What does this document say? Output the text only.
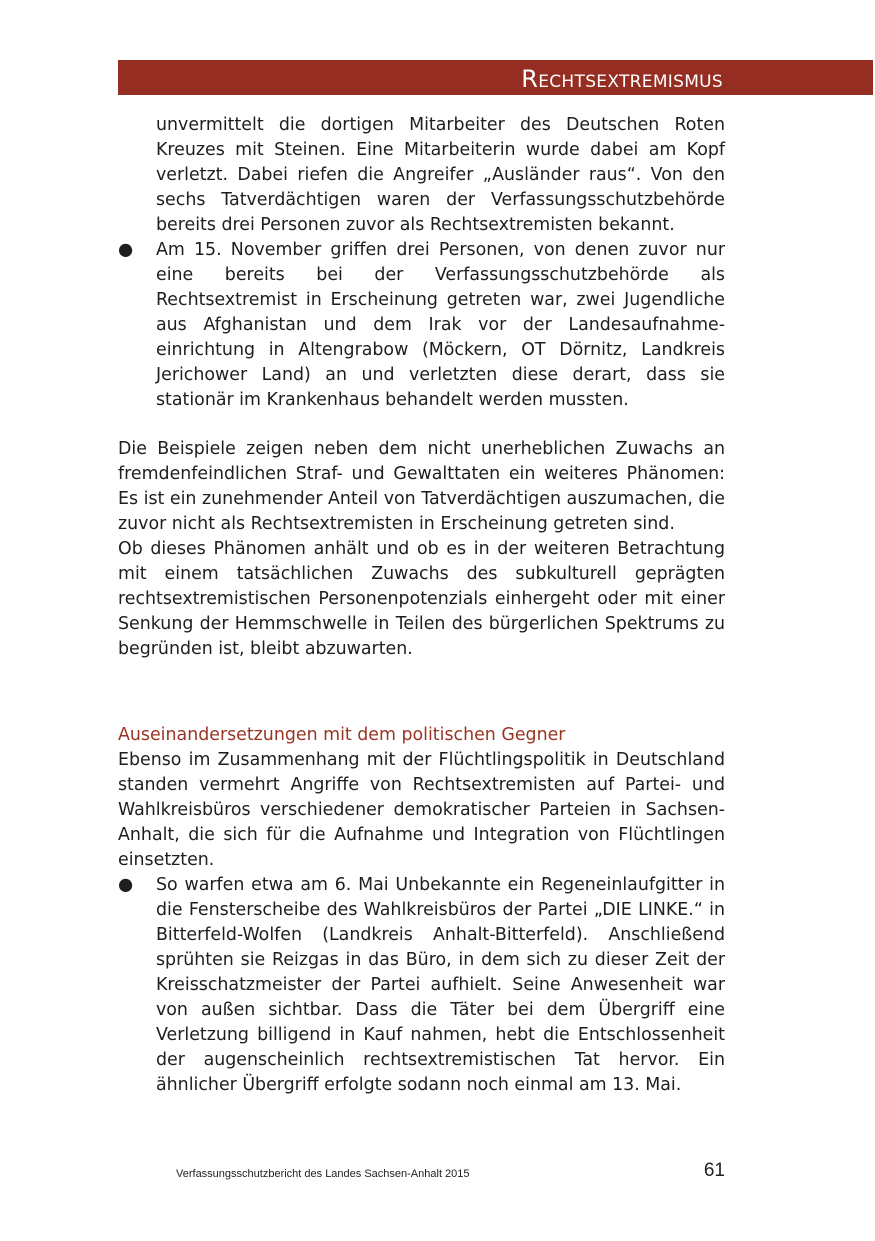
Rechtsextremismus

unvermittelt die dortigen Mitarbeiter des Deutschen Roten Kreuzes mit Steinen. Eine Mitarbeiterin wurde dabei am Kopf verletzt. Dabei riefen die Angreifer „Ausländer raus“. Von den sechs Tatverdächtigen waren der Verfassungsschutzbehörde bereits drei Personen zuvor als Rechtsextremisten bekannt.

● Am 15. November griffen drei Personen, von denen zuvor nur eine bereits bei der Verfassungsschutzbehörde als Rechtsextremist in Erscheinung getreten war, zwei Jugendliche aus Afghanistan und dem Irak vor der Landesaufnahmeeinrichtung in Altengrabow (Möckern, OT Dörnitz, Landkreis Jerichower Land) an und verletzten diese derart, dass sie stationär im Krankenhaus behandelt werden mussten.

Die Beispiele zeigen neben dem nicht unerheblichen Zuwachs an fremdenfeindlichen Straf- und Gewalttaten ein weiteres Phänomen: Es ist ein zunehmender Anteil von Tatverdächtigen auszumachen, die zuvor nicht als Rechtsextremisten in Erscheinung getreten sind.

Ob dieses Phänomen anhält und ob es in der weiteren Betrachtung mit einem tatsächlichen Zuwachs des subkulturell geprägten rechtsextremistischen Personenpotenzials einhergeht oder mit einer Senkung der Hemmschwelle in Teilen des bürgerlichen Spektrums zu begründen ist, bleibt abzuwarten.

Auseinandersetzungen mit dem politischen Gegner

Ebenso im Zusammenhang mit der Flüchtlingspolitik in Deutschland standen vermehrt Angriffe von Rechtsextremisten auf Partei- und Wahlkreisbüros verschiedener demokratischer Parteien in Sachsen-Anhalt, die sich für die Aufnahme und Integration von Flüchtlingen einsetzten.

● So warfen etwa am 6. Mai Unbekannte ein Regeneinlaufgitter in die Fensterscheibe des Wahlkreisbüros der Partei „DIE LINKE.“ in Bitterfeld-Wolfen (Landkreis Anhalt-Bitterfeld). Anschließend sprühten sie Reizgas in das Büro, in dem sich zu dieser Zeit der Kreisschatzmeister der Partei aufhielt. Seine Anwesenheit war von außen sichtbar. Dass die Täter bei dem Übergriff eine Verletzung billigend in Kauf nahmen, hebt die Entschlossenheit der augenscheinlich rechtsextremistischen Tat hervor. Ein ähnlicher Übergriff erfolgte sodann noch einmal am 13. Mai.
Verfassungsschutzbericht des Landes Sachsen-Anhalt 2015	61
